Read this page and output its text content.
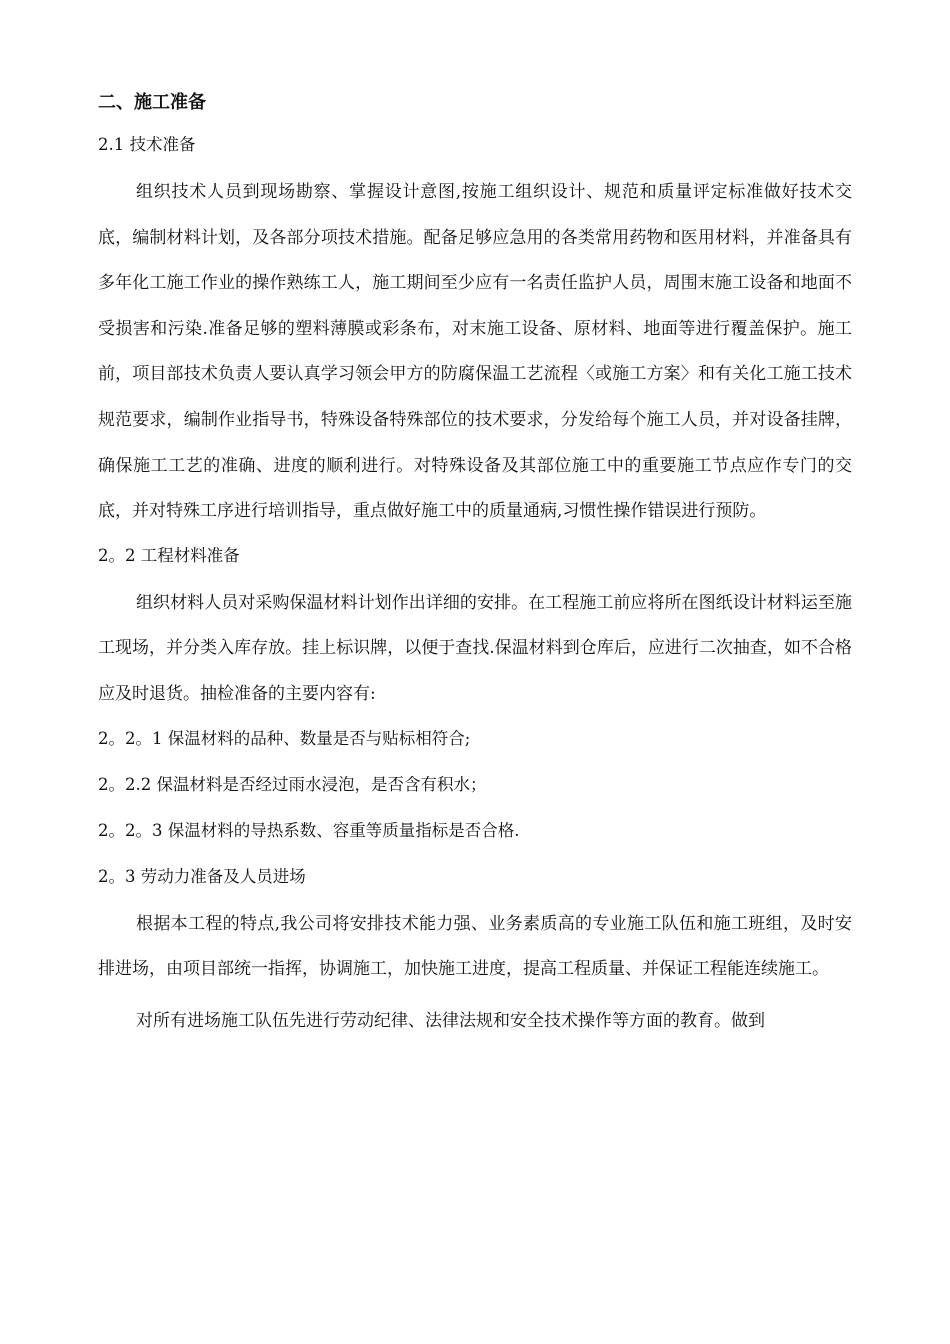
二、施工准备
2.1 技术准备

组织技术人员到现场勘察、掌握设计意图,按施工组织设计、规范和质量评定标准做好技术交底，编制材料计划，及各部分项技术措施。配备足够应急用的各类常用药物和医用材料，并准备具有多年化工施工作业的操作熟练工人，施工期间至少应有一名责任监护人员，周围末施工设备和地面不受损害和污染.准备足够的塑料薄膜或彩条布，对末施工设备、原材料、地面等进行覆盖保护。施工前，项目部技术负责人要认真学习领会甲方的防腐保温工艺流程〈或施工方案〉和有关化工施工技术规范要求，编制作业指导书，特殊设备特殊部位的技术要求，分发给每个施工人员，并对设备挂牌，确保施工工艺的准确、进度的顺利进行。对特殊设备及其部位施工中的重要施工节点应作专门的交底，并对特殊工序进行培训指导，重点做好施工中的质量通病,习惯性操作错误进行预防。

2。2 工程材料准备

组织材料人员对采购保温材料计划作出详细的安排。在工程施工前应将所在图纸设计材料运至施工现场，并分类入库存放。挂上标识牌，以便于查找.保温材料到仓库后，应进行二次抽查，如不合格应及时退货。抽检准备的主要内容有:

2。2。1 保温材料的品种、数量是否与贴标相符合;
2。2.2 保温材料是否经过雨水浸泡，是否含有积水；
2。2。3 保温材料的导热系数、容重等质量指标是否合格.
2。3 劳动力准备及人员进场

根据本工程的特点,我公司将安排技术能力强、业务素质高的专业施工队伍和施工班组，及时安排进场，由项目部统一指挥，协调施工，加快施工进度，提高工程质量、并保证工程能连续施工。

对所有进场施工队伍先进行劳动纪律、法律法规和安全技术操作等方面的教育。做到
